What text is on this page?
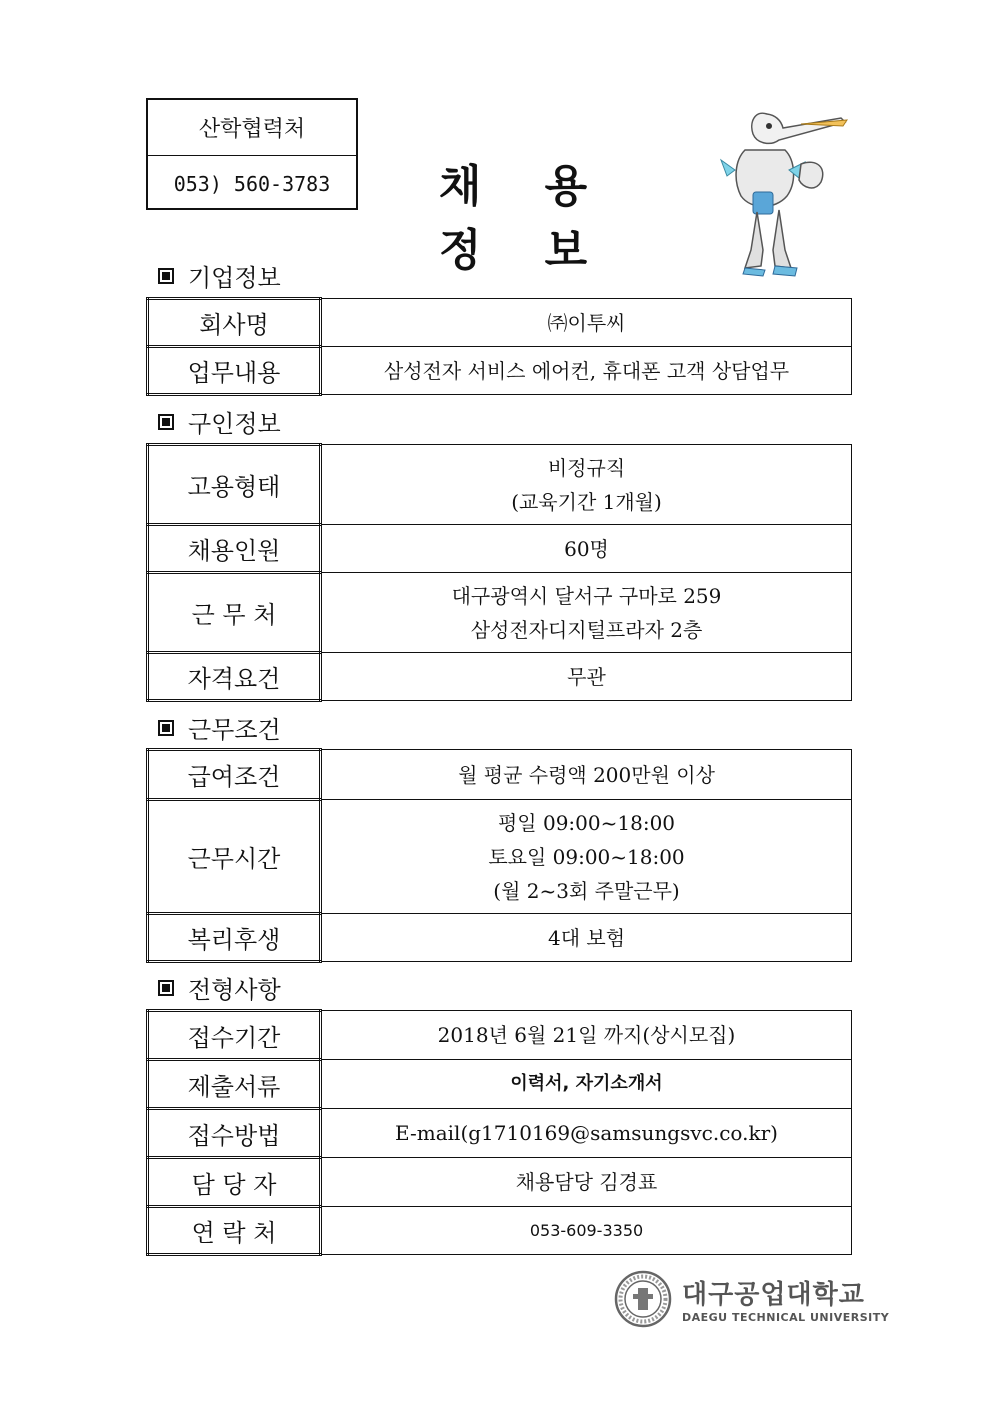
산학협력처
053) 560-3783	채 용 정 보
기업정보
회사명	㈜이투씨

업무내용	삼성전자 서비스 에어컨, 휴대폰 고객 상담업무
구인정보
고용형태	비정규직
(교육기간 1개월)

채용인원	60명

근 무 처	대구광역시 달서구 구마로 259
삼성전자디지털프라자 2층

자격요건	무관
근무조건
급여조건	월 평균 수령액 200만원 이상

근무시간	평일 09:00~18:00
토요일 09:00~18:00
(월 2~3회 주말근무)

복리후생	4대 보험
전형사항
접수기간	2018년 6월 21일 까지(상시모집)

제출서류	이력서, 자기소개서

접수방법	E-mail(g1710169@samsungsvc.co.kr)

담 당 자	채용담당 김경표

연 락 처	053-609-3350
대구공업대학교
DAEGU TECHNICAL UNIVERSITY
